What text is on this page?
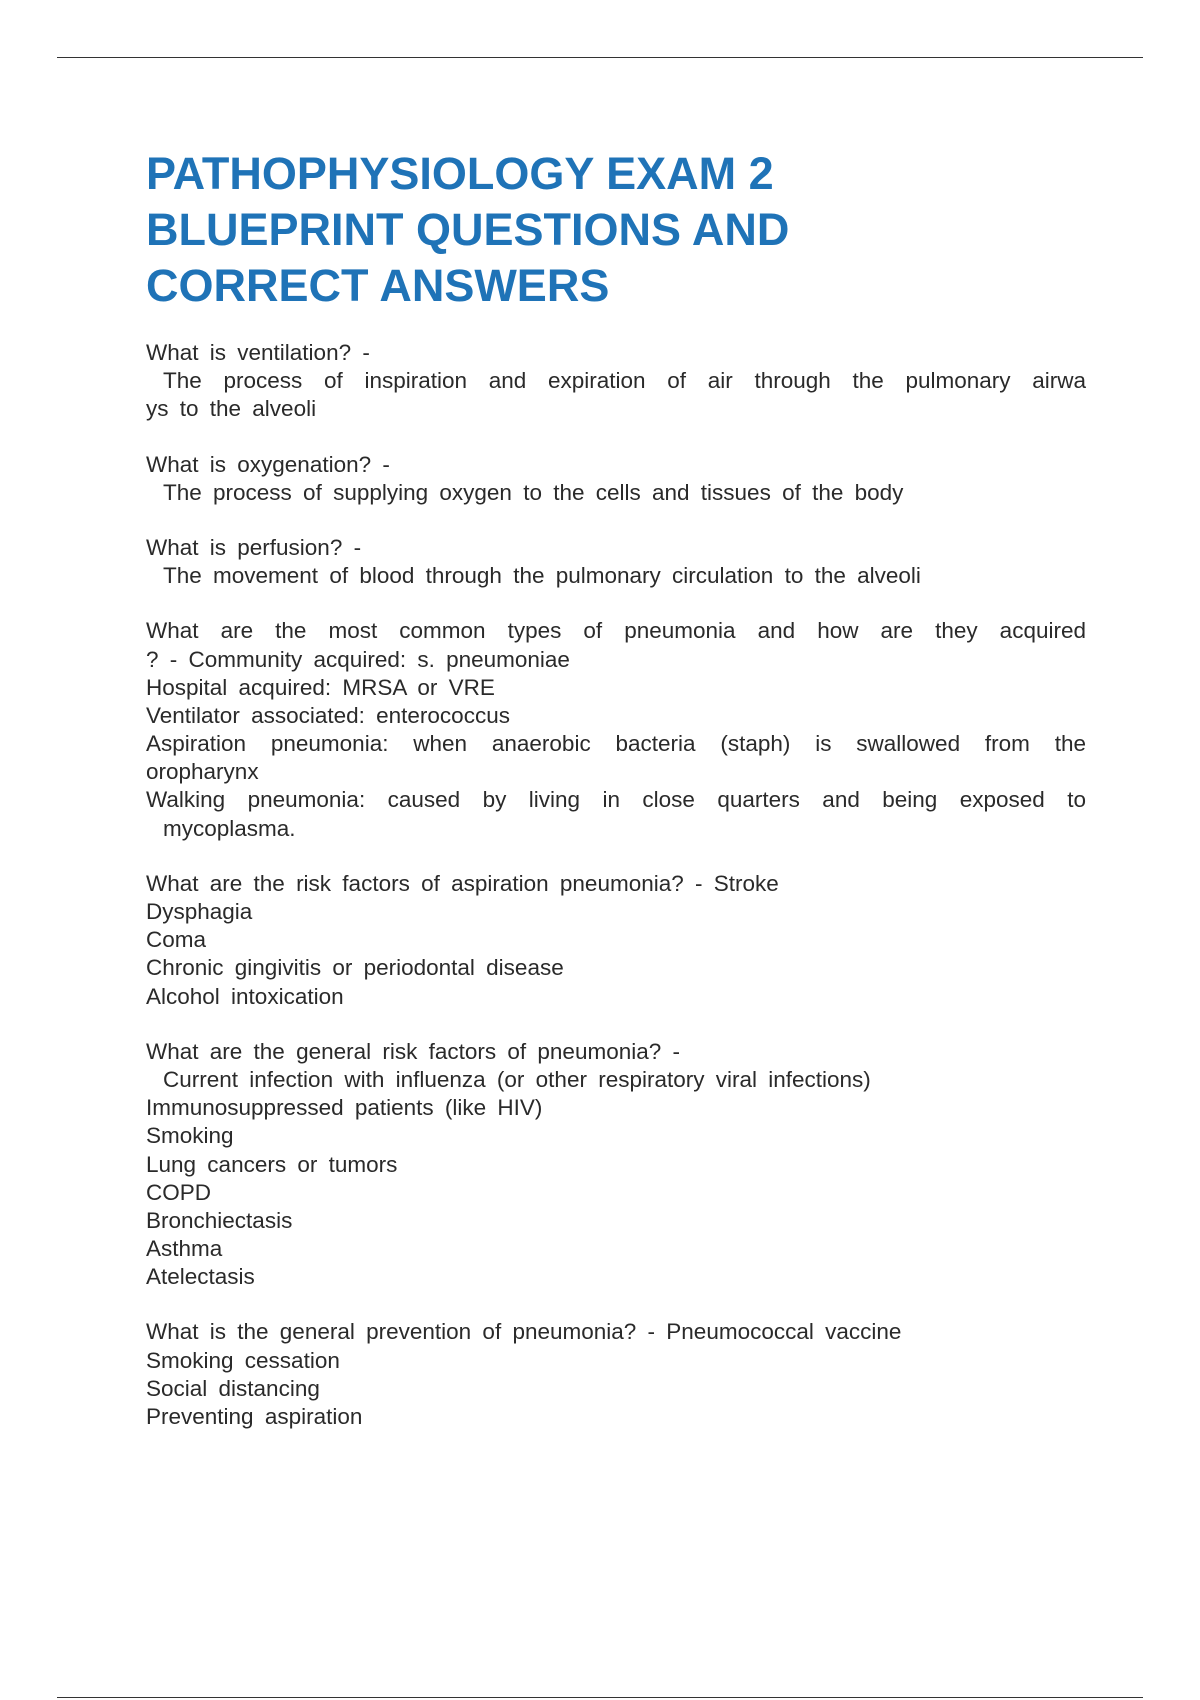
PATHOPHYSIOLOGY EXAM 2
BLUEPRINT QUESTIONS AND
CORRECT ANSWERS
What is ventilation? -
The process of inspiration and expiration of air through the pulmonary airwa
ys to the alveoli
What is oxygenation? -
The process of supplying oxygen to the cells and tissues of the body
What is perfusion? -
The movement of blood through the pulmonary circulation to the alveoli
What are the most common types of pneumonia and how are they acquired
? - Community acquired: s. pneumoniae
Hospital acquired: MRSA or VRE
Ventilator associated: enterococcus
Aspiration pneumonia: when anaerobic bacteria (staph) is swallowed from the
oropharynx
Walking pneumonia: caused by living in close quarters and being exposed to
mycoplasma.
What are the risk factors of aspiration pneumonia? - Stroke
Dysphagia
Coma
Chronic gingivitis or periodontal disease
Alcohol intoxication
What are the general risk factors of pneumonia? -
Current infection with influenza (or other respiratory viral infections)
Immunosuppressed patients (like HIV)
Smoking
Lung cancers or tumors
COPD
Bronchiectasis
Asthma
Atelectasis
What is the general prevention of pneumonia? - Pneumococcal vaccine
Smoking cessation
Social distancing
Preventing aspiration
